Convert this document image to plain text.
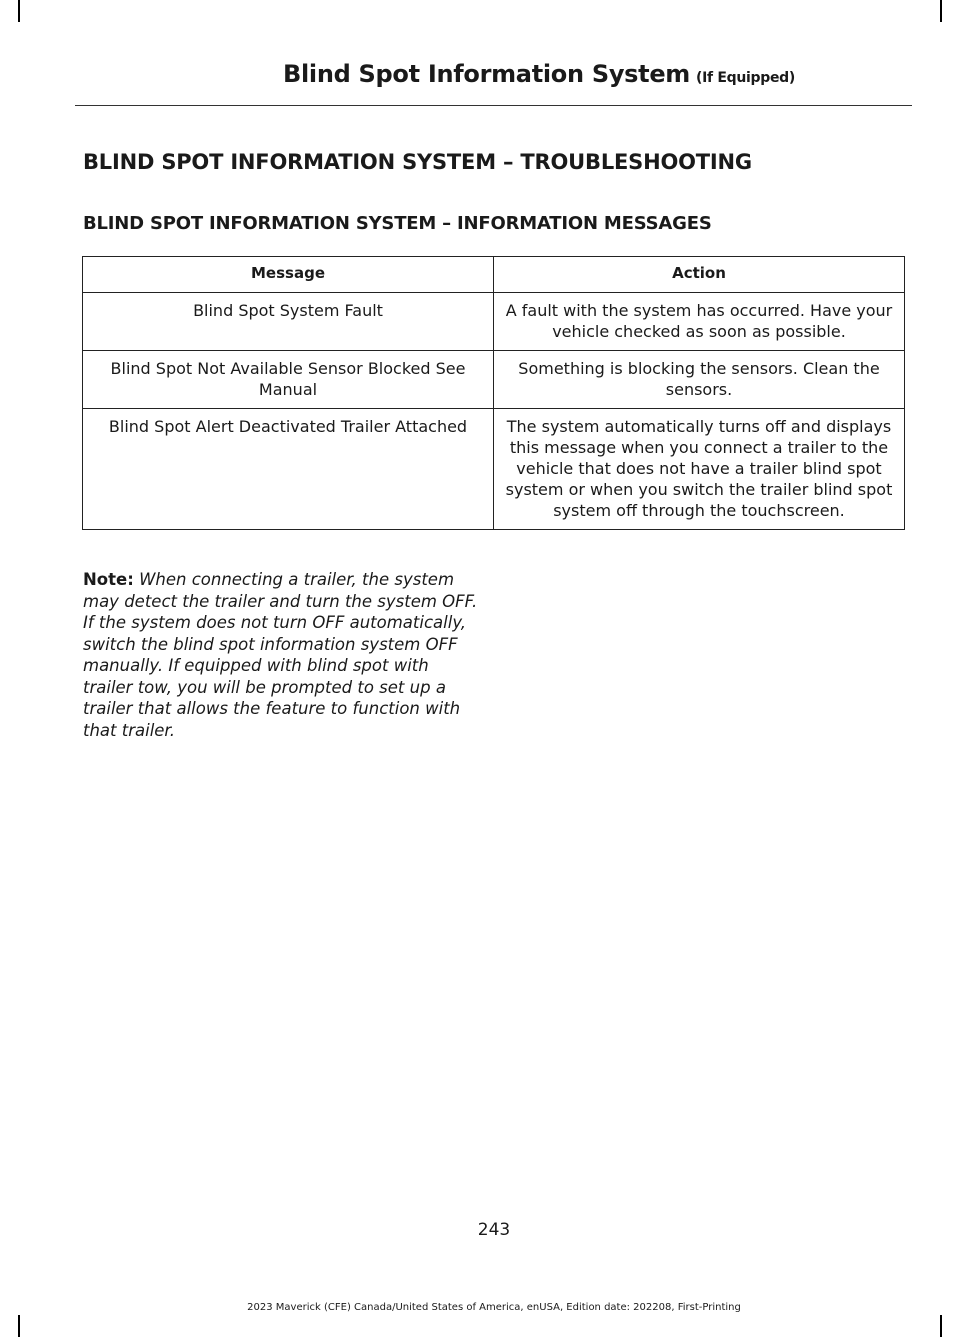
Blind Spot Information System (If Equipped)
BLIND SPOT INFORMATION SYSTEM – TROUBLESHOOTING
BLIND SPOT INFORMATION SYSTEM – INFORMATION MESSAGES
Message	Action
Blind Spot System Fault	A fault with the system has occurred. Have your vehicle checked as soon as possible.
Blind Spot Not Available Sensor Blocked See Manual	Something is blocking the sensors. Clean the sensors.
Blind Spot Alert Deactivated Trailer Attached	The system automatically turns off and displays this message when you connect a trailer to the vehicle that does not have a trailer blind spot system or when you switch the trailer blind spot system off through the touchscreen.

Note: When connecting a trailer, the system may detect the trailer and turn the system OFF. If the system does not turn OFF automatically, switch the blind spot information system OFF manually. If equipped with blind spot with trailer tow, you will be prompted to set up a trailer that allows the feature to function with that trailer.

243
2023 Maverick (CFE) Canada/United States of America, enUSA, Edition date: 202208, First-Printing
